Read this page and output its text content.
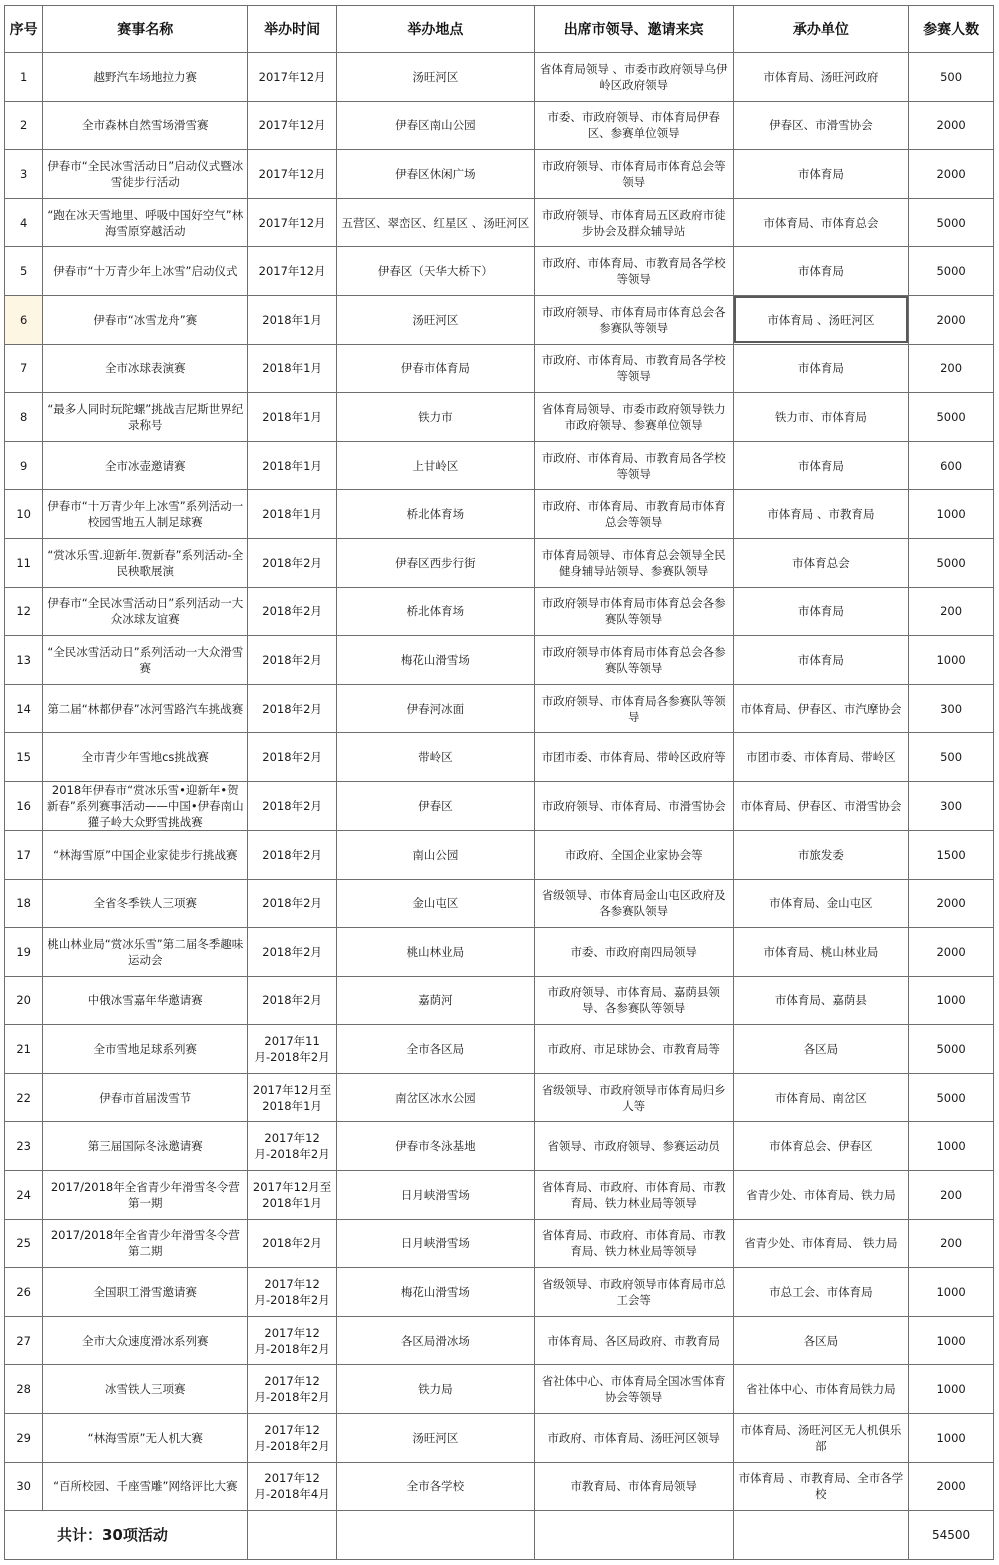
序号	赛事名称	举办时间	举办地点	出席市领导、邀请来宾	承办单位	参赛人数
1	越野汽车场地拉力赛	2017年12月	汤旺河区	省体育局领导 、市委市政府领导乌伊岭区政府领导	市体育局、汤旺河政府	500
2	全市森林自然雪场滑雪赛	2017年12月	伊春区南山公园	市委、市政府领导、市体育局伊春区、参赛单位领导	伊春区、市滑雪协会	2000
3	伊春市“全民冰雪活动日”启动仪式暨冰雪徒步行活动	2017年12月	伊春区休闲广场	市政府领导、市体育局市体育总会等领导	市体育局	2000
4	“跑在冰天雪地里、呼吸中国好空气”林海雪原穿越活动	2017年12月	五营区、翠峦区、红星区 、汤旺河区	市政府领导、市体育局五区政府市徒步协会及群众辅导站	市体育局、市体育总会	5000
5	伊春市“十万青少年上冰雪”启动仪式	2017年12月	伊春区（天华大桥下）	市政府、市体育局、市教育局各学校等领导	市体育局	5000
6	伊春市“冰雪龙舟”赛	2018年1月	汤旺河区	市政府领导、市体育局市体育总会各参赛队等领导	市体育局 、汤旺河区	2000
7	全市冰球表演赛	2018年1月	伊春市体育局	市政府、市体育局、市教育局各学校等领导	市体育局	200
8	“最多人同时玩陀螺”挑战吉尼斯世界纪录称号	2018年1月	铁力市	省体育局领导、市委市政府领导铁力市政府领导、参赛单位领导	铁力市、市体育局	5000
9	全市冰壶邀请赛	2018年1月	上甘岭区	市政府、市体育局、市教育局各学校等领导	市体育局	600
10	伊春市“十万青少年上冰雪”系列活动一校园雪地五人制足球赛	2018年1月	桥北体育场	市政府、市体育局、市教育局市体育总会等领导	市体育局 、市教育局	1000
11	“赏冰乐雪.迎新年.贺新春”系列活动-全民秧歌展演	2018年2月	伊春区西步行街	市体育局领导、市体育总会领导全民健身辅导站领导、参赛队领导	市体育总会	5000
12	伊春市“全民冰雪活动日”系列活动一大众冰球友谊赛	2018年2月	桥北体育场	市政府领导市体育局市体育总会各参赛队等领导	市体育局	200
13	“全民冰雪活动日”系列活动一大众滑雪赛	2018年2月	梅花山滑雪场	市政府领导市体育局市体育总会各参赛队等领导	市体育局	1000
14	第二届“林都伊春”冰河雪路汽车挑战赛	2018年2月	伊春河冰面	市政府领导、市体育局各参赛队等领导	市体育局、伊春区、市汽摩协会	300
15	全市青少年雪地cs挑战赛	2018年2月	带岭区	市团市委、市体育局、带岭区政府等	市团市委、市体育局、带岭区	500
16	2018年伊春市“赏冰乐雪•迎新年•贺新春”系列赛事活动——中国•伊春南山獾子岭大众野雪挑战赛	2018年2月	伊春区	市政府领导、市体育局、市滑雪协会	市体育局、伊春区、市滑雪协会	300
17	“林海雪原”中国企业家徒步行挑战赛	2018年2月	南山公园	市政府、全国企业家协会等	市旅发委	1500
18	全省冬季铁人三项赛	2018年2月	金山屯区	省级领导、市体育局金山屯区政府及各参赛队领导	市体育局、金山屯区	2000
19	桃山林业局“赏冰乐雪”第二届冬季趣味运动会	2018年2月	桃山林业局	市委、市政府南四局领导	市体育局、桃山林业局	2000
20	中俄冰雪嘉年华邀请赛	2018年2月	嘉荫河	市政府领导、市体育局、嘉荫县领导、各参赛队等领导	市体育局、嘉荫县	1000
21	全市雪地足球系列赛	2017年11月-2018年2月	全市各区局	市政府、市足球协会、市教育局等	各区局	5000
22	伊春市首届泼雪节	2017年12月至2018年1月	南岔区冰水公园	省级领导、市政府领导市体育局归乡人等	市体育局、南岔区	5000
23	第三届国际冬泳邀请赛	2017年12月-2018年2月	伊春市冬泳基地	省领导、市政府领导、参赛运动员	市体育总会、伊春区	1000
24	2017/2018年全省青少年滑雪冬令营第一期	2017年12月至2018年1月	日月峡滑雪场	省体育局、市政府、市体育局、市教育局、铁力林业局等领导	省青少处、市体育局、铁力局	200
25	2017/2018年全省青少年滑雪冬令营第二期	2018年2月	日月峡滑雪场	省体育局、市政府、市体育局、市教育局、铁力林业局等领导	省青少处、市体育局、 铁力局	200
26	全国职工滑雪邀请赛	2017年12月-2018年2月	梅花山滑雪场	省级领导、市政府领导市体育局市总工会等	市总工会、市体育局	1000
27	全市大众速度滑冰系列赛	2017年12月-2018年2月	各区局滑冰场	市体育局、各区局政府、市教育局	各区局	1000
28	冰雪铁人三项赛	2017年12月-2018年2月	铁力局	省社体中心、市体育局全国冰雪体育协会等领导	省社体中心、市体育局铁力局	1000
29	“林海雪原”无人机大赛	2017年12月-2018年2月	汤旺河区	市政府、市体育局、汤旺河区领导	市体育局、汤旺河区无人机俱乐部	1000
30	“百所校园、千座雪雕”网络评比大赛	2017年12月-2018年4月	全市各学校	市教育局、市体育局领导	市体育局 、市教育局、全市各学校	2000
共计：30项活动						54500
